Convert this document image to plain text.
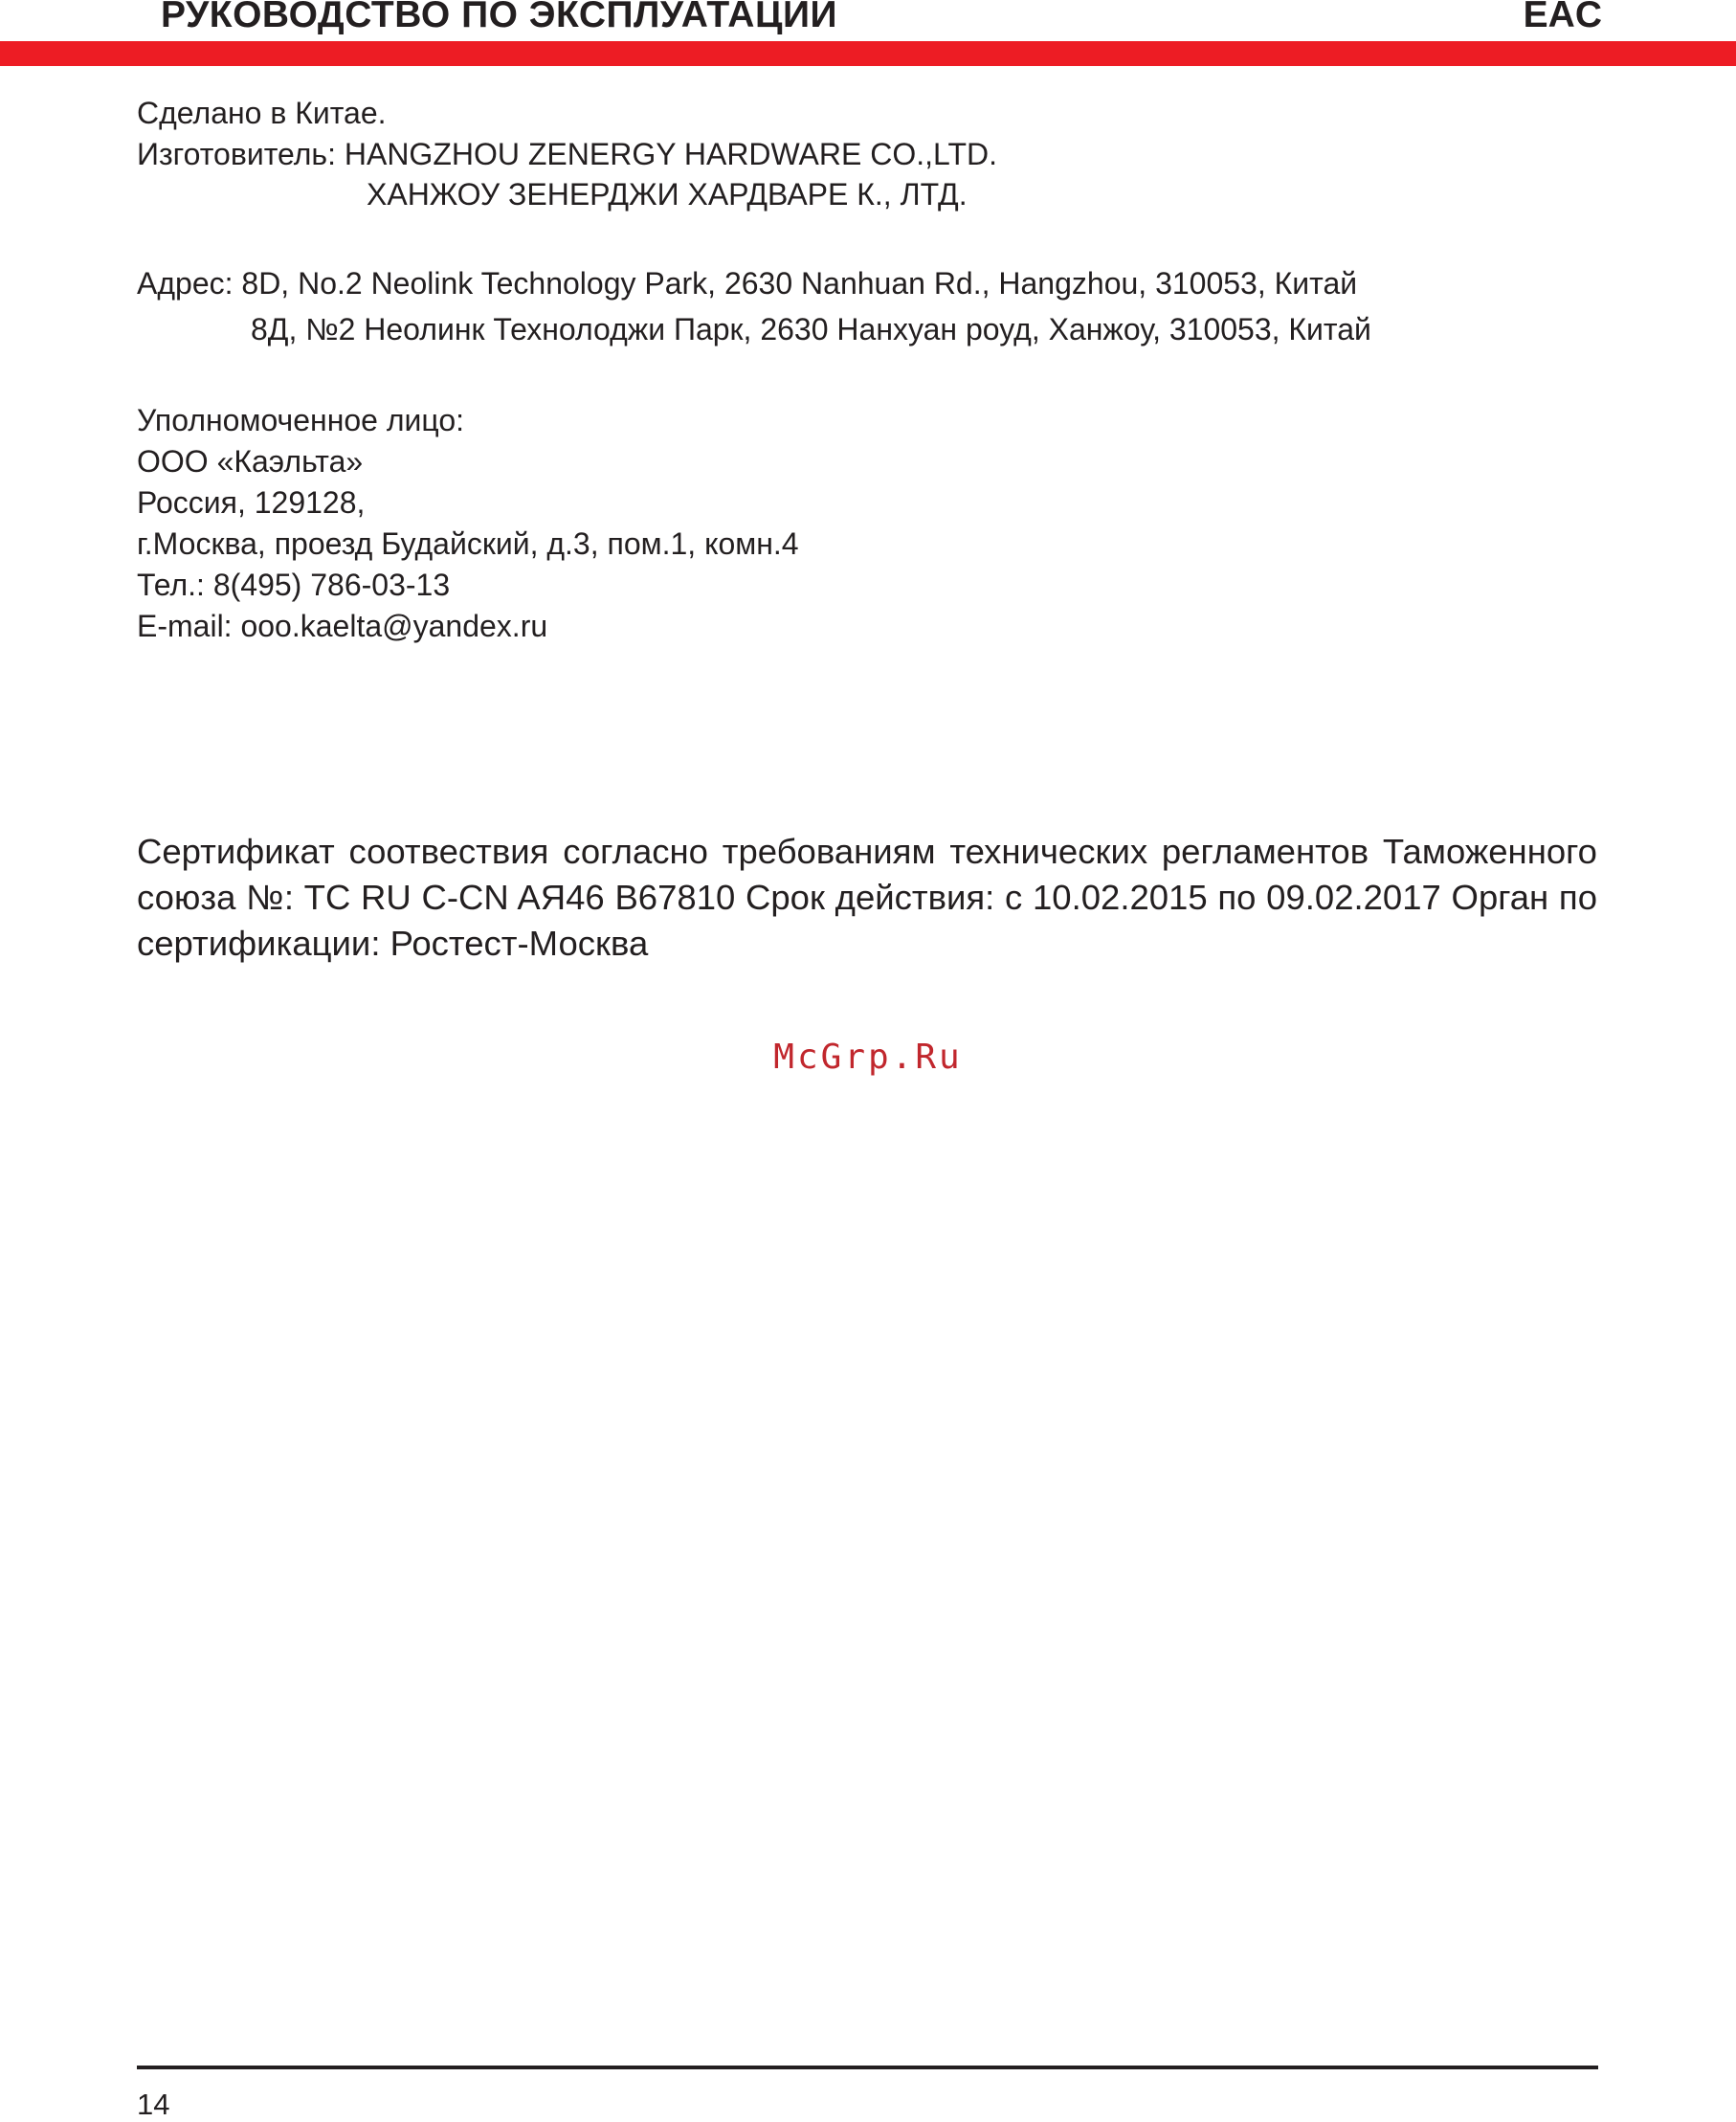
РУКОВОДСТВО ПО ЭКСПЛУАТАЦИИ	EAC
Сделано в Китае.
Изготовитель: HANGZHOU ZENERGY HARDWARE CO.,LTD.
ХАНЖОУ ЗЕНЕРДЖИ ХАРДВАРЕ К., ЛТД.
Адрес: 8D, No.2 Neolink Technology Park, 2630 Nanhuan Rd., Hangzhou, 310053, Китай
8Д, №2 Неолинк Технолоджи Парк, 2630 Нанхуан роуд, Ханжоу, 310053, Китай
Уполномоченное лицо:
ООО «Каэльта»
Россия, 129128,
г.Москва, проезд Будайский, д.3, пом.1, комн.4
Тел.: 8(495) 786-03-13
E-mail: ooo.kaelta@yandex.ru
Сертификат соотвествия согласно требованиям технических регламентов Таможенного союза №: ТС RU C-CN AЯ46 B67810 Срок действия: с 10.02.2015 по 09.02.2017 Орган по сертификации: Ростест-Москва
McGrp.Ru
14
